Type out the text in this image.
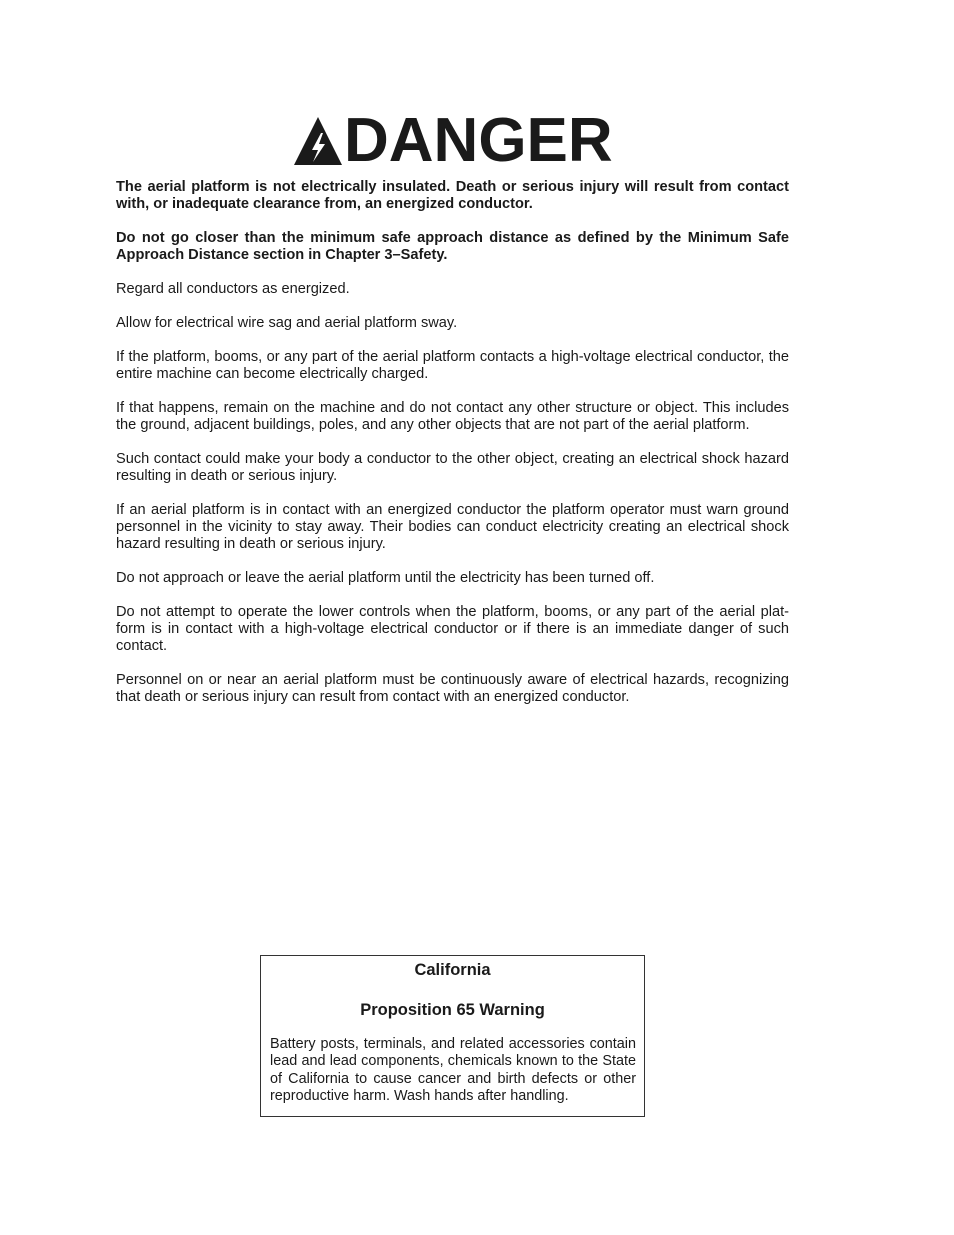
DANGER

The aerial platform is not electrically insulated. Death or serious injury will result from contact with, or inadequate clearance from, an energized conductor.

Do not go closer than the minimum safe approach distance as defined by the Minimum Safe Approach Distance section in Chapter 3–Safety.

Regard all conductors as energized.

Allow for electrical wire sag and aerial platform sway.

If the platform, booms, or any part of the aerial platform contacts a high-voltage electrical conductor, the entire machine can become electrically charged.

If that happens, remain on the machine and do not contact any other structure or object. This includes the ground, adjacent buildings, poles, and any other objects that are not part of the aerial platform.

Such contact could make your body a conductor to the other object, creating an electrical shock hazard resulting in death or serious injury.

If an aerial platform is in contact with an energized conductor the platform operator must warn ground personnel in the vicinity to stay away. Their bodies can conduct electricity creating an electrical shock hazard resulting in death or serious injury.

Do not approach or leave the aerial platform until the electricity has been turned off.

Do not attempt to operate the lower controls when the platform, booms, or any part of the aerial plat-form is in contact with a high-voltage electrical conductor or if there is an immediate danger of such contact.

Personnel on or near an aerial platform must be continuously aware of electrical hazards, recognizing that death or serious injury can result from contact with an energized conductor.

California
Proposition 65 Warning
Battery posts, terminals, and related accessories contain lead and lead components, chemicals known to the State of California to cause cancer and birth defects or other reproductive harm. Wash hands after handling.
